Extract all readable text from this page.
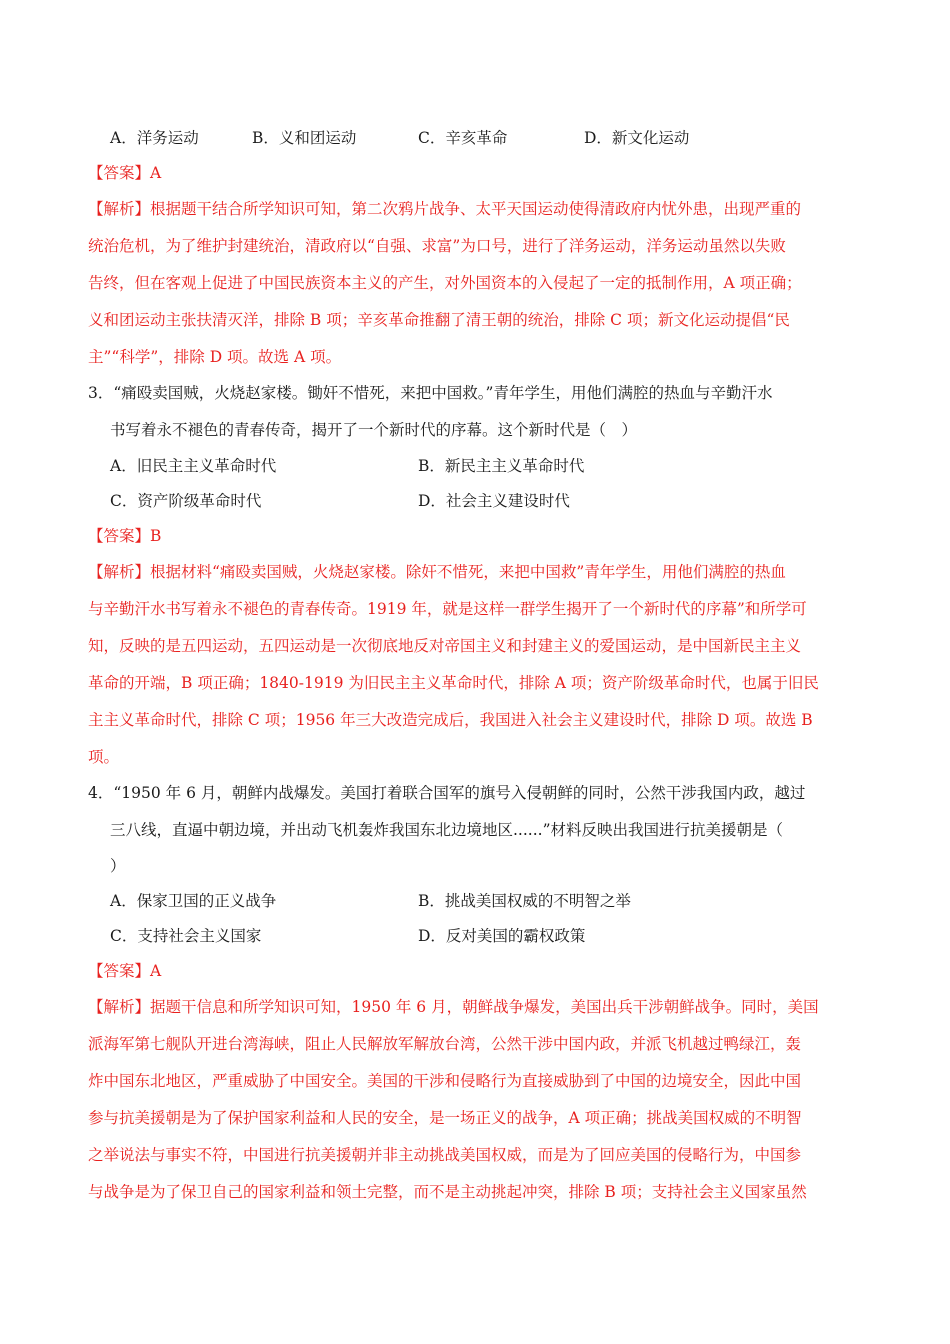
A．洋务运动	B．义和团运动	C．辛亥革命	D．新文化运动
【答案】A
【解析】根据题干结合所学知识可知，第二次鸦片战争、太平天国运动使得清政府内忧外患，出现严重的
统治危机，为了维护封建统治，清政府以“自强、求富”为口号，进行了洋务运动，洋务运动虽然以失败
告终，但在客观上促进了中国民族资本主义的产生，对外国资本的入侵起了一定的抵制作用，A 项正确；
义和团运动主张扶清灭洋，排除 B 项；辛亥革命推翻了清王朝的统治，排除 C 项；新文化运动提倡“民
主”“科学”，排除 D 项。故选 A 项。
3．“痛殴卖国贼，火烧赵家楼。锄奸不惜死，来把中国救。”青年学生，用他们满腔的热血与辛勤汗水
书写着永不褪色的青春传奇，揭开了一个新时代的序幕。这个新时代是（　）
A．旧民主主义革命时代	B．新民主主义革命时代
C．资产阶级革命时代	D．社会主义建设时代
【答案】B
【解析】根据材料“痛殴卖国贼，火烧赵家楼。除奸不惜死，来把中国救”青年学生，用他们满腔的热血
与辛勤汗水书写着永不褪色的青春传奇。1919 年，就是这样一群学生揭开了一个新时代的序幕”和所学可
知，反映的是五四运动，五四运动是一次彻底地反对帝国主义和封建主义的爱国运动，是中国新民主主义
革命的开端，B 项正确；1840-1919 为旧民主主义革命时代，排除 A 项；资产阶级革命时代，也属于旧民
主主义革命时代，排除 C 项；1956 年三大改造完成后，我国进入社会主义建设时代，排除 D 项。故选 B
项。
4．“1950 年 6 月，朝鲜内战爆发。美国打着联合国军的旗号入侵朝鲜的同时，公然干涉我国内政，越过
三八线，直逼中朝边境，并出动飞机轰炸我国东北边境地区......”材料反映出我国进行抗美援朝是（
）
A．保家卫国的正义战争	B．挑战美国权威的不明智之举
C．支持社会主义国家	D．反对美国的霸权政策
【答案】A
【解析】据题干信息和所学知识可知，1950 年 6 月，朝鲜战争爆发，美国出兵干涉朝鲜战争。同时，美国
派海军第七舰队开进台湾海峡，阻止人民解放军解放台湾，公然干涉中国内政，并派飞机越过鸭绿江，轰
炸中国东北地区，严重威胁了中国安全。美国的干涉和侵略行为直接威胁到了中国的边境安全，因此中国
参与抗美援朝是为了保护国家利益和人民的安全，是一场正义的战争，A 项正确；挑战美国权威的不明智
之举说法与事实不符，中国进行抗美援朝并非主动挑战美国权威，而是为了回应美国的侵略行为，中国参
与战争是为了保卫自己的国家利益和领土完整，而不是主动挑起冲突，排除 B 项；支持社会主义国家虽然
